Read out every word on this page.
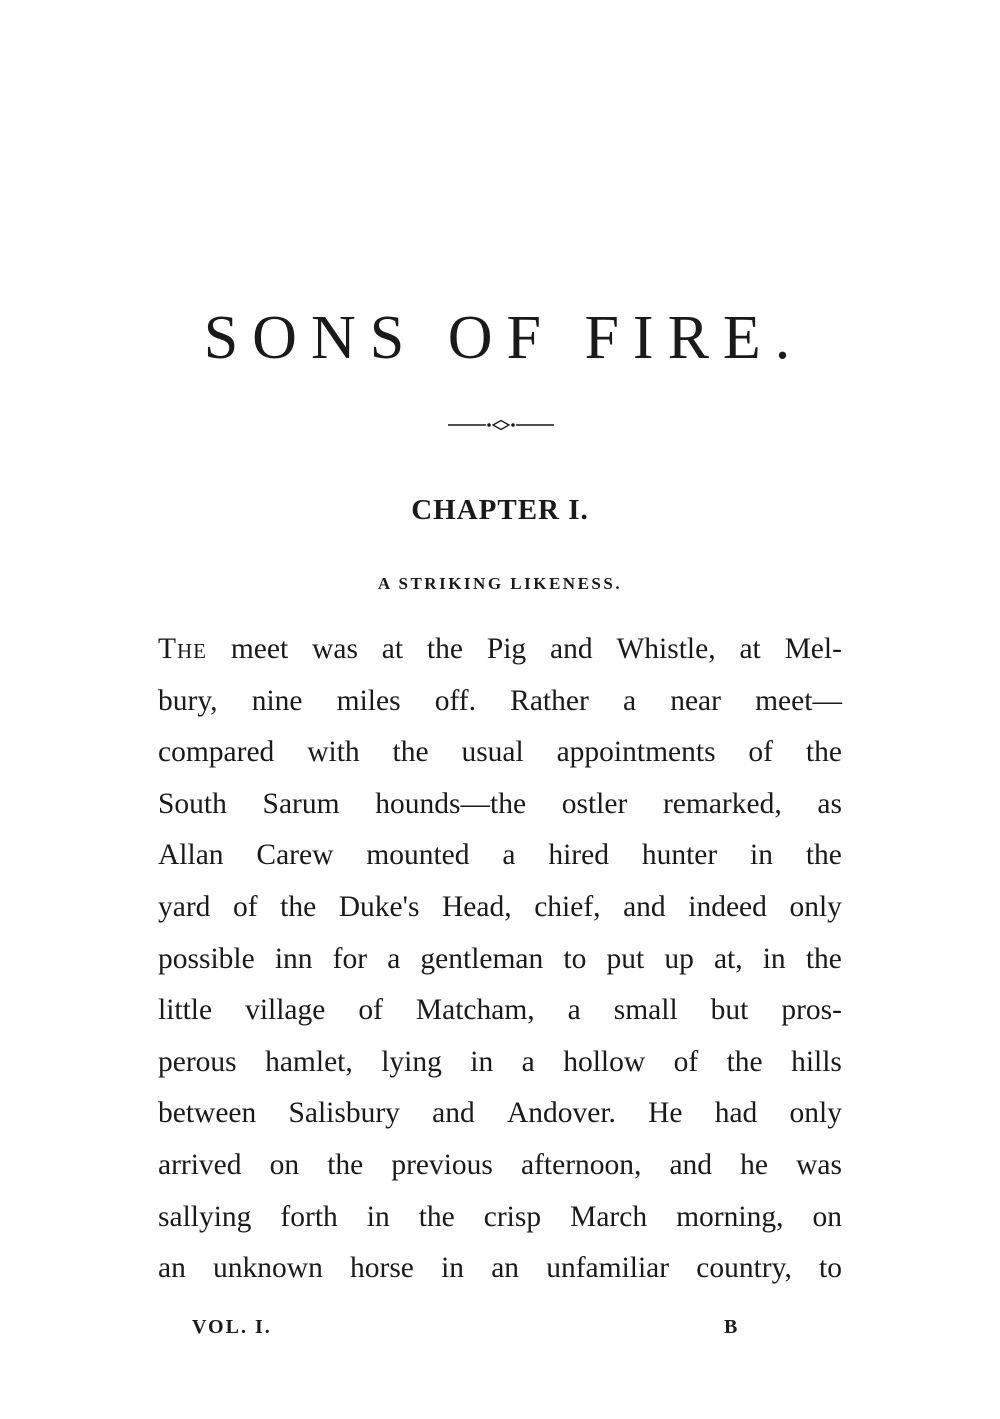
SONS OF FIRE.
CHAPTER I.
A STRIKING LIKENESS.
The meet was at the Pig and Whistle, at Mel-
bury, nine miles off. Rather a near meet—
compared with the usual appointments of the
South Sarum hounds—the ostler remarked, as
Allan Carew mounted a hired hunter in the
yard of the Duke's Head, chief, and indeed only
possible inn for a gentleman to put up at, in the
little village of Matcham, a small but pros-
perous hamlet, lying in a hollow of the hills
between Salisbury and Andover. He had only
arrived on the previous afternoon, and he was
sallying forth in the crisp March morning, on
an unknown horse in an unfamiliar country, to
VOL. I.	B
